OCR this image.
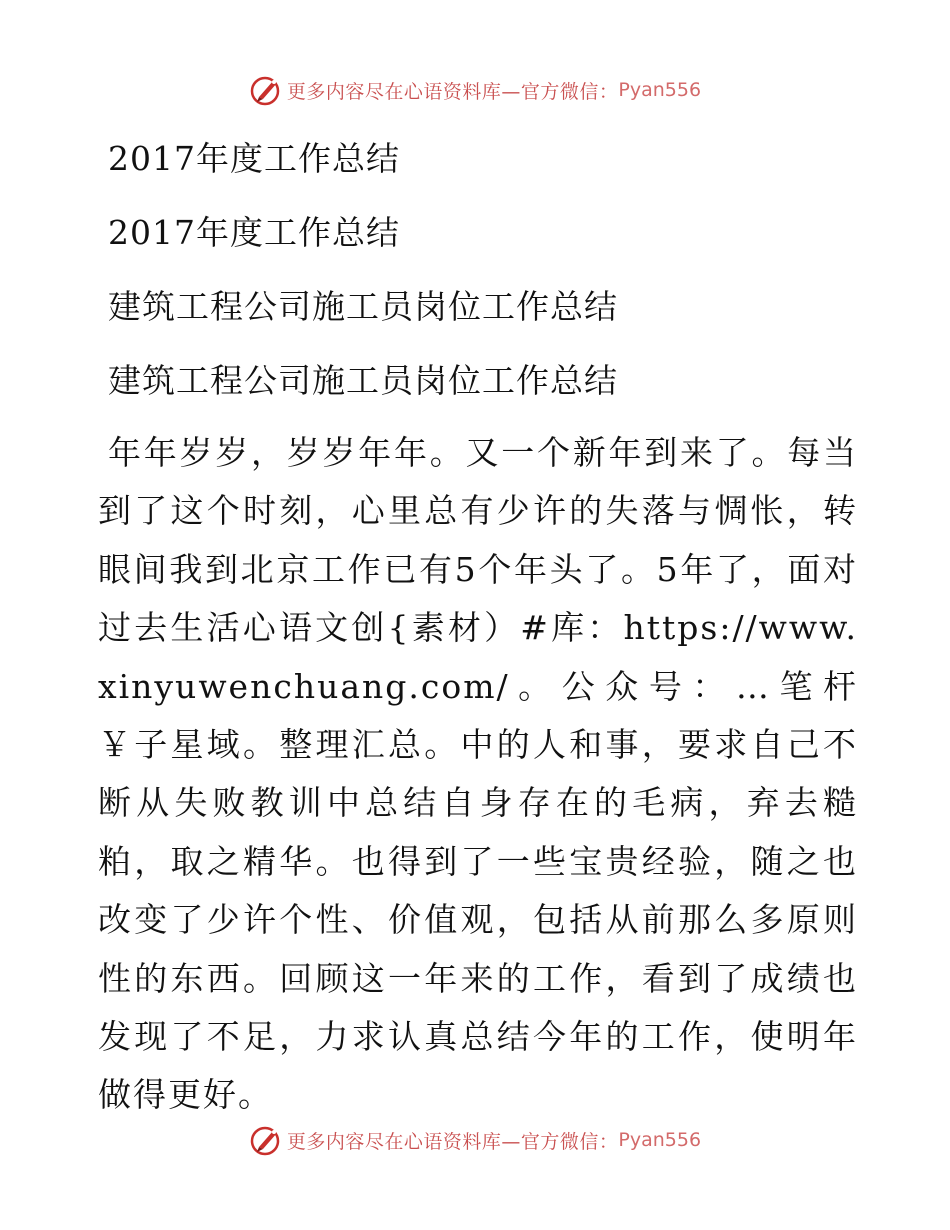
更多内容尽在心语资料库—官方微信： Pyan556
2017年度工作总结
2017年度工作总结
建筑工程公司施工员岗位工作总结
建筑工程公司施工员岗位工作总结
年年岁岁，岁岁年年。又一个新年到来了。每当到了这个时刻，心里总有少许的失落与惆怅，转眼间我到北京工作已有5个年头了。5年了，面对过去生活心语文创{素材）#库：https://www.xinyuwenchuang.com/。公众号：…笔杆￥子星域。整理汇总。中的人和事，要求自己不断从失败教训中总结自身存在的毛病，弃去糙粕，取之精华。也得到了一些宝贵经验，随之也改变了少许个性、价值观，包括从前那么多原则性的东西。回顾这一年来的工作，看到了成绩也发现了不足，力求认真总结今年的工作，使明年做得更好。
更多内容尽在心语资料库—官方微信： Pyan556
